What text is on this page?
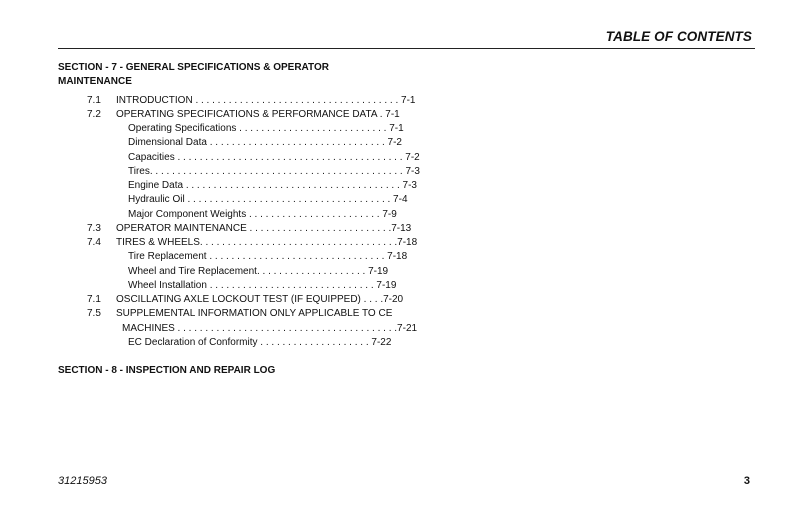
TABLE OF CONTENTS
SECTION - 7 - GENERAL SPECIFICATIONS & OPERATOR MAINTENANCE
7.1 INTRODUCTION . . . . . . . . . . . . . . . . . . . . . . . . . . . . . . . . . . . . . 7-1
7.2 OPERATING SPECIFICATIONS & PERFORMANCE DATA . 7-1
Operating Specifications . . . . . . . . . . . . . . . . . . . . . . . . . . . 7-1
Dimensional Data . . . . . . . . . . . . . . . . . . . . . . . . . . . . . . . . 7-2
Capacities . . . . . . . . . . . . . . . . . . . . . . . . . . . . . . . . . . . . . . . . . 7-2
Tires. . . . . . . . . . . . . . . . . . . . . . . . . . . . . . . . . . . . . . . . . . . . . . 7-3
Engine Data . . . . . . . . . . . . . . . . . . . . . . . . . . . . . . . . . . . . . . . 7-3
Hydraulic Oil . . . . . . . . . . . . . . . . . . . . . . . . . . . . . . . . . . . . . 7-4
Major Component Weights . . . . . . . . . . . . . . . . . . . . . . . . 7-9
7.3 OPERATOR MAINTENANCE . . . . . . . . . . . . . . . . . . . . . . . . . .7-13
7.4 TIRES & WHEELS. . . . . . . . . . . . . . . . . . . . . . . . . . . . . . . . . . . .7-18
Tire Replacement . . . . . . . . . . . . . . . . . . . . . . . . . . . . . . . . 7-18
Wheel and Tire Replacement. . . . . . . . . . . . . . . . . . . . 7-19
Wheel Installation . . . . . . . . . . . . . . . . . . . . . . . . . . . . . . 7-19
7.1 OSCILLATING AXLE LOCKOUT TEST (IF EQUIPPED) . . . .7-20
7.5 SUPPLEMENTAL INFORMATION ONLY APPLICABLE TO CE
MACHINES . . . . . . . . . . . . . . . . . . . . . . . . . . . . . . . . . . . . . . . .7-21
EC Declaration of Conformity . . . . . . . . . . . . . . . . . . . . 7-22
SECTION - 8 - INSPECTION AND REPAIR LOG
31215953	3
